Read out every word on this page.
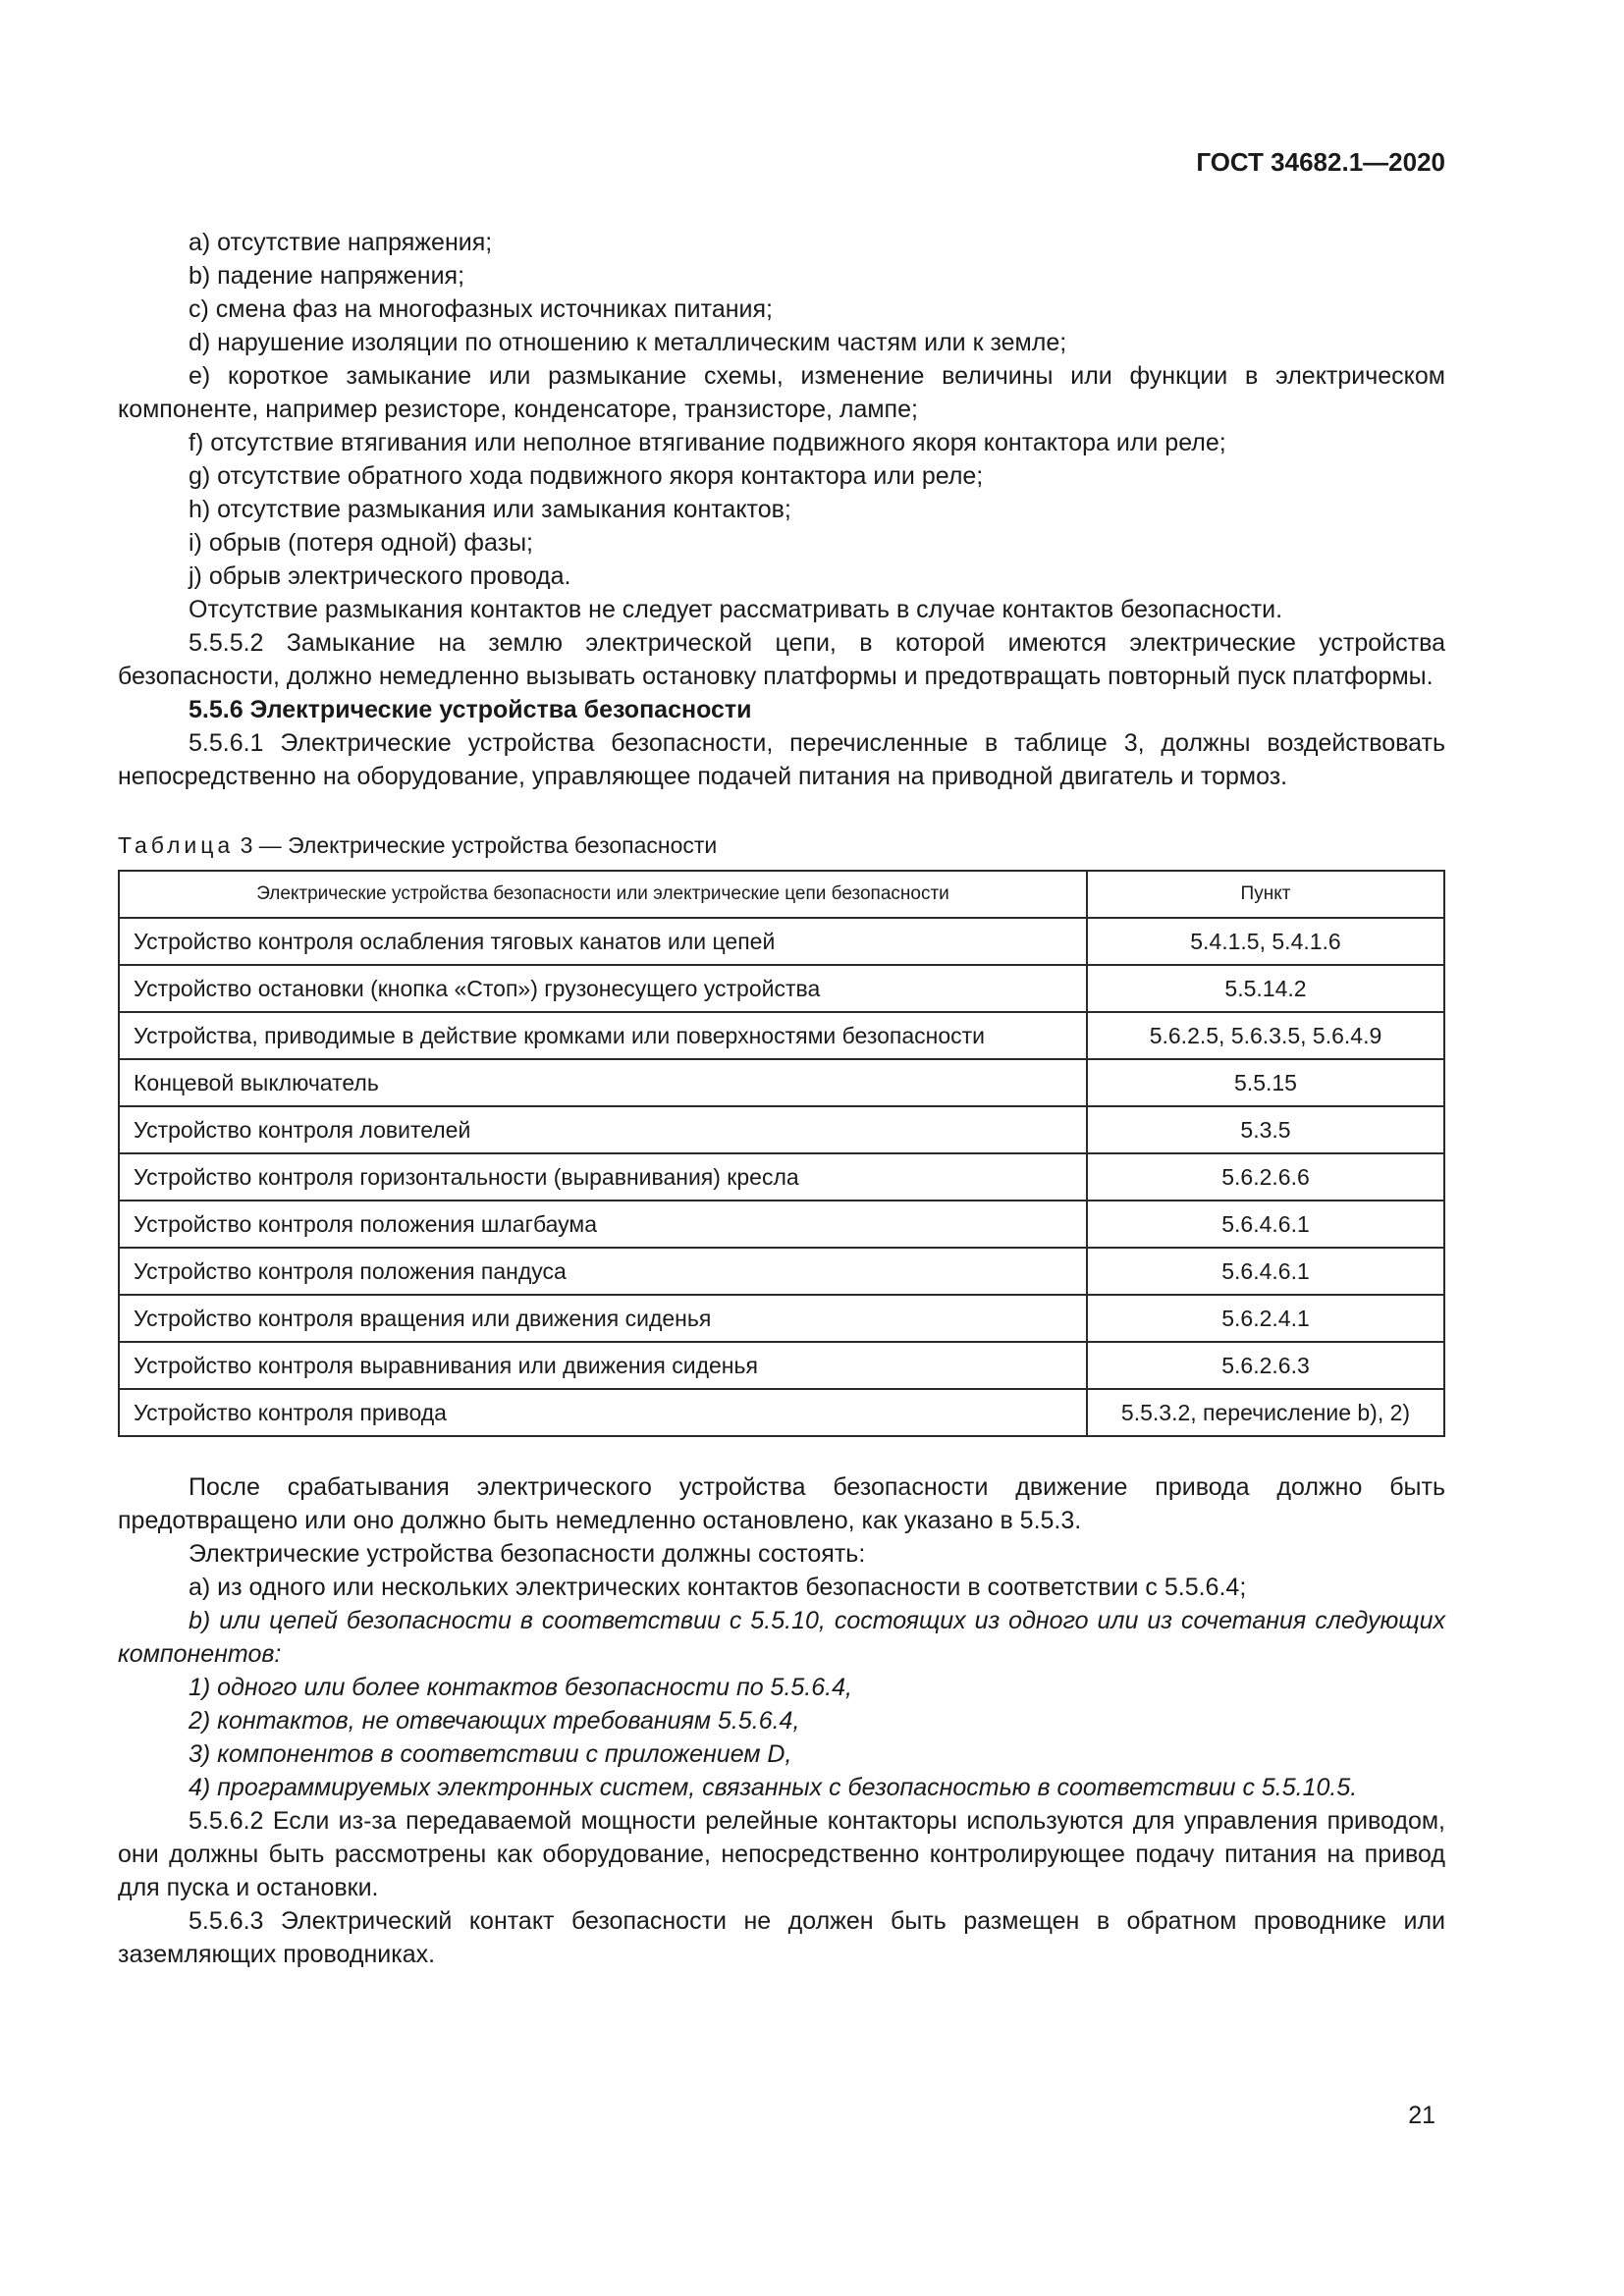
ГОСТ 34682.1—2020

a) отсутствие напряжения;

b) падение напряжения;

c) смена фаз на многофазных источниках питания;

d) нарушение изоляции по отношению к металлическим частям или к земле;

e) короткое замыкание или размыкание схемы, изменение величины или функции в электрическом компоненте, например резисторе, конденсаторе, транзисторе, лампе;

f) отсутствие втягивания или неполное втягивание подвижного якоря контактора или реле;

g) отсутствие обратного хода подвижного якоря контактора или реле;

h) отсутствие размыкания или замыкания контактов;

i) обрыв (потеря одной) фазы;

j) обрыв электрического провода.

Отсутствие размыкания контактов не следует рассматривать в случае контактов безопасности.

5.5.5.2 Замыкание на землю электрической цепи, в которой имеются электрические устройства безопасности, должно немедленно вызывать остановку платформы и предотвращать повторный пуск платформы.

5.5.6 Электрические устройства безопасности

5.5.6.1 Электрические устройства безопасности, перечисленные в таблице 3, должны воздействовать непосредственно на оборудование, управляющее подачей питания на приводной двигатель и тормоз.

Таблица 3 — Электрические устройства безопасности
Электрические устройства безопасности или электрические цепи безопасности	Пункт
Устройство контроля ослабления тяговых канатов или цепей	5.4.1.5, 5.4.1.6
Устройство остановки (кнопка «Стоп») грузонесущего устройства	5.5.14.2
Устройства, приводимые в действие кромками или поверхностями безопасности	5.6.2.5, 5.6.3.5, 5.6.4.9
Концевой выключатель	5.5.15
Устройство контроля ловителей	5.3.5
Устройство контроля горизонтальности (выравнивания) кресла	5.6.2.6.6
Устройство контроля положения шлагбаума	5.6.4.6.1
Устройство контроля положения пандуса	5.6.4.6.1
Устройство контроля вращения или движения сиденья	5.6.2.4.1
Устройство контроля выравнивания или движения сиденья	5.6.2.6.3
Устройство контроля привода	5.5.3.2, перечисление b), 2)

После срабатывания электрического устройства безопасности движение привода должно быть предотвращено или оно должно быть немедленно остановлено, как указано в 5.5.3.

Электрические устройства безопасности должны состоять:

a) из одного или нескольких электрических контактов безопасности в соответствии с 5.5.6.4;

b) или цепей безопасности в соответствии с 5.5.10, состоящих из одного или из сочетания следующих компонентов:

1) одного или более контактов безопасности по 5.5.6.4,

2) контактов, не отвечающих требованиям 5.5.6.4,

3) компонентов в соответствии с приложением D,

4) программируемых электронных систем, связанных с безопасностью в соответствии с 5.5.10.5.

5.5.6.2 Если из-за передаваемой мощности релейные контакторы используются для управления приводом, они должны быть рассмотрены как оборудование, непосредственно контролирующее подачу питания на привод для пуска и остановки.

5.5.6.3 Электрический контакт безопасности не должен быть размещен в обратном проводнике или заземляющих проводниках.

21
